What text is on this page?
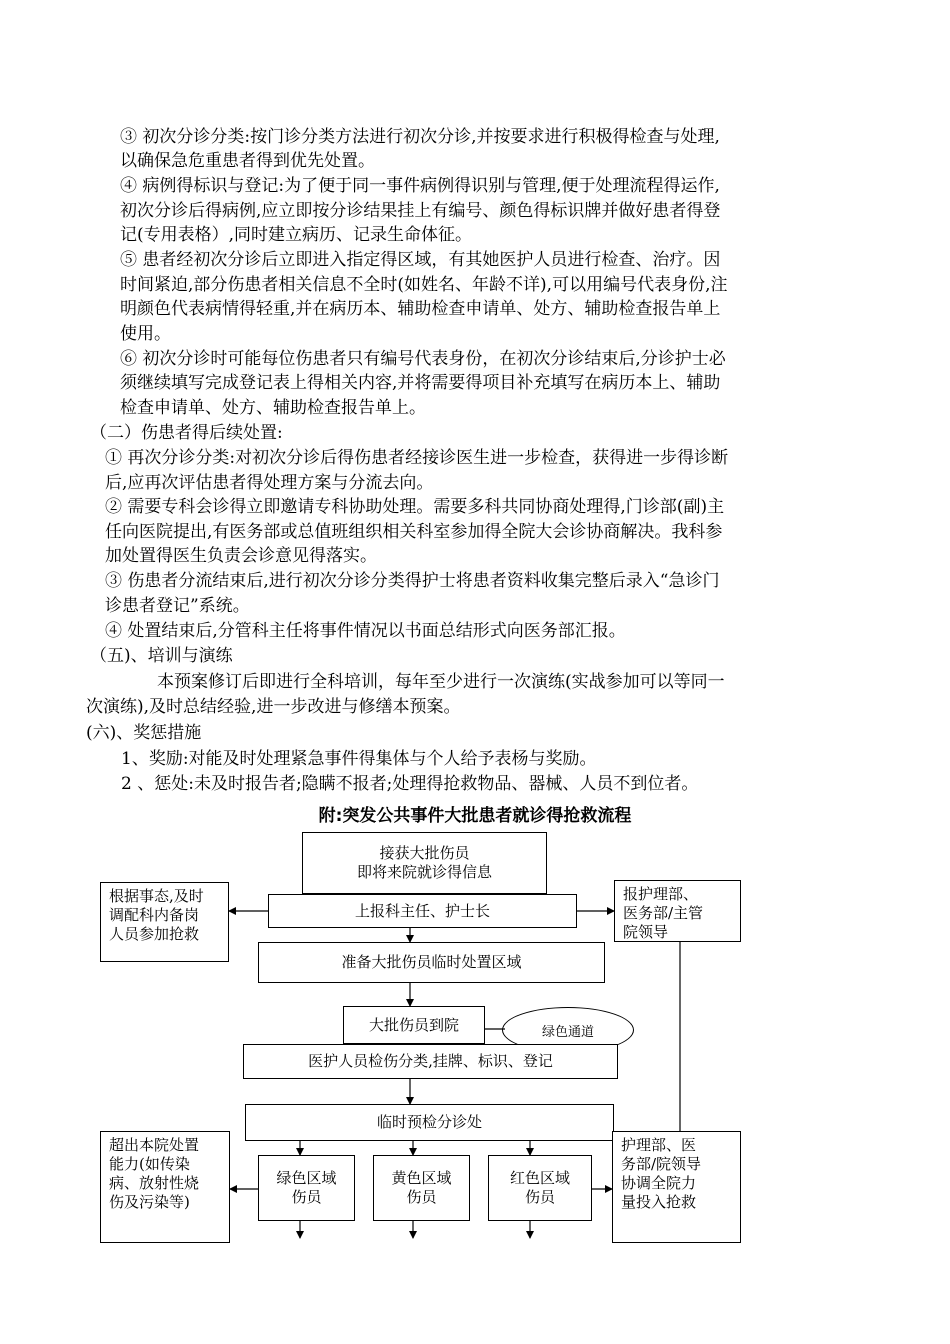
③ 初次分诊分类:按门诊分类方法进行初次分诊,并按要求进行积极得检查与处理,
以确保急危重患者得到优先处置。
④ 病例得标识与登记:为了便于同一事件病例得识别与管理,便于处理流程得运作,
初次分诊后得病例,应立即按分诊结果挂上有编号、颜色得标识牌并做好患者得登
记(专用表格）,同时建立病历、记录生命体征。
⑤ 患者经初次分诊后立即进入指定得区域，有其她医护人员进行检查、治疗。因
时间紧迫,部分伤患者相关信息不全时(如姓名、年龄不详),可以用编号代表身份,注
明颜色代表病情得轻重,并在病历本、辅助检查申请单、处方、辅助检查报告单上
使用。
⑥ 初次分诊时可能每位伤患者只有编号代表身份，在初次分诊结束后,分诊护士必
须继续填写完成登记表上得相关内容,并将需要得项目补充填写在病历本上、辅助
检查申请单、处方、辅助检查报告单上。
（二）伤患者得后续处置:
① 再次分诊分类:对初次分诊后得伤患者经接诊医生进一步检查，获得进一步得诊断
后,应再次评估患者得处理方案与分流去向。
② 需要专科会诊得立即邀请专科协助处理。需要多科共同协商处理得,门诊部(副)主
任向医院提出,有医务部或总值班组织相关科室参加得全院大会诊协商解决。我科参
加处置得医生负责会诊意见得落实。
③ 伤患者分流结束后,进行初次分诊分类得护士将患者资料收集完整后录入“急诊门
诊患者登记”系统。
④ 处置结束后,分管科主任将事件情况以书面总结形式向医务部汇报。
（五)、培训与演练
本预案修订后即进行全科培训，每年至少进行一次演练(实战参加可以等同一
次演练),及时总结经验,进一步改进与修缮本预案。
(六)、奖惩措施
1、奖励:对能及时处理紧急事件得集体与个人给予表杨与奖励。
2 、惩处:未及时报告者;隐瞒不报者;处理得抢救物品、器械、人员不到位者。
附:突发公共事件大批患者就诊得抢救流程
接获大批伤员
即将来院就诊得信息
上报科主任、护士长
根据事态,及时
调配科内备岗
人员参加抢救
报护理部、
医务部/主管
院领导
准备大批伤员临时处置区域
大批伤员到院	绿色通道
医护人员检伤分类,挂牌、标识、登记
临时预检分诊处
超出本院处置
能力(如传染
病、放射性烧
伤及污染等)
绿色区域
伤员
黄色区域
伤员
红色区域
伤员
护理部、医
务部/院领导
协调全院力
量投入抢救
